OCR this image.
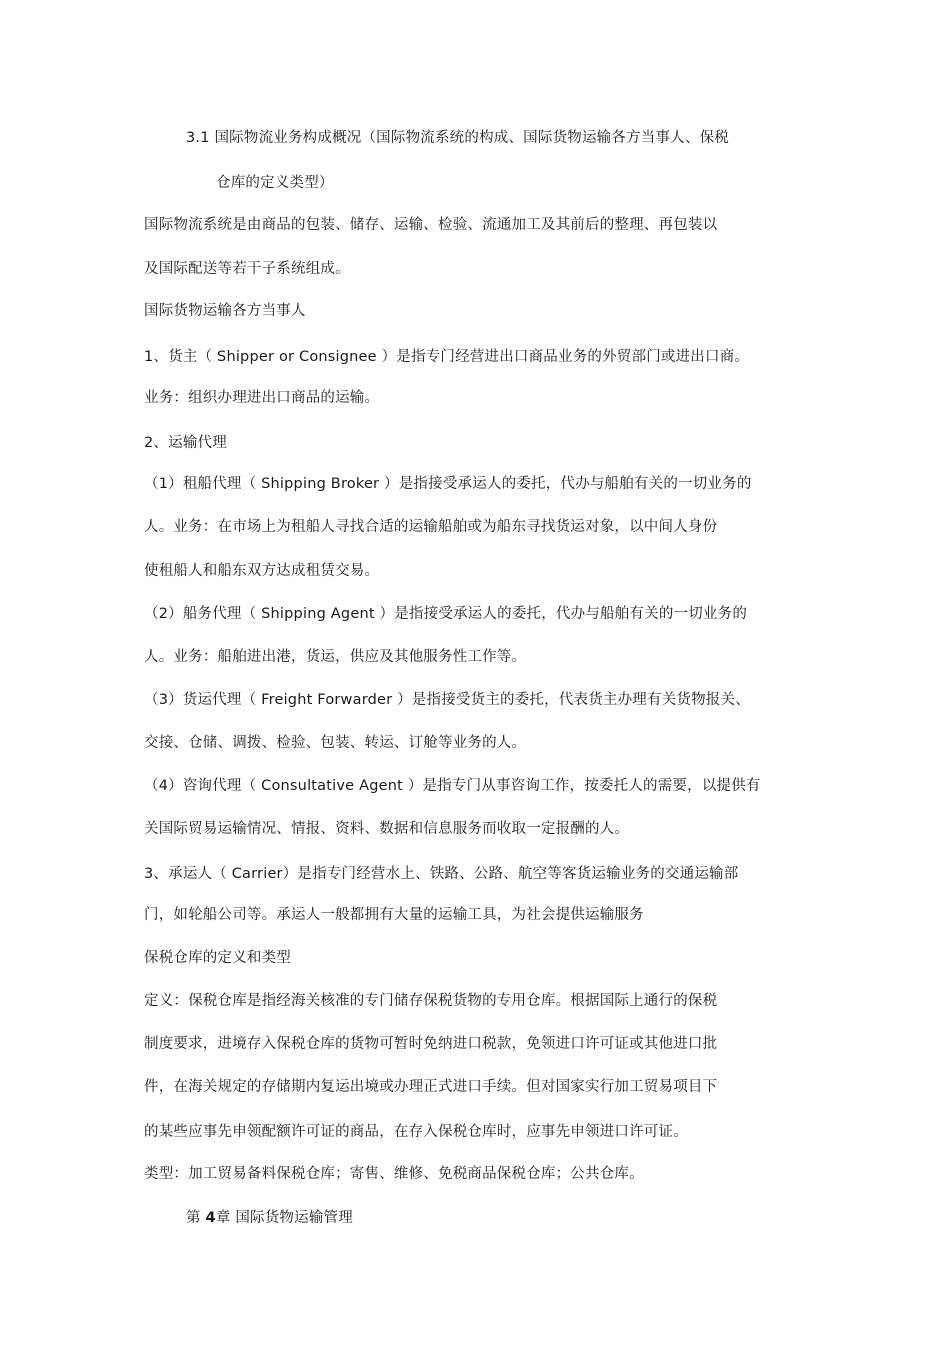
3.1 国际物流业务构成概况（国际物流系统的构成、国际货物运输各方当事人、保税
仓库的定义类型）
国际物流系统是由商品的包装、储存、运输、检验、流通加工及其前后的整理、再包装以
及国际配送等若干子系统组成。
国际货物运输各方当事人
1、货主（ Shipper or Consignee ）是指专门经营进出口商品业务的外贸部门或进出口商。
业务：组织办理进出口商品的运输。
2、运输代理
（1）租船代理（ Shipping Broker ）是指接受承运人的委托，代办与船舶有关的一切业务的
人。业务：在市场上为租船人寻找合适的运输船舶或为船东寻找货运对象，以中间人身份
使租船人和船东双方达成租赁交易。
（2）船务代理（ Shipping Agent ）是指接受承运人的委托，代办与船舶有关的一切业务的
人。业务：船舶进出港，货运，供应及其他服务性工作等。
（3）货运代理（ Freight Forwarder ）是指接受货主的委托，代表货主办理有关货物报关、
交接、仓储、调拨、检验、包装、转运、订舱等业务的人。
（4）咨询代理（ Consultative Agent ）是指专门从事咨询工作，按委托人的需要，以提供有
关国际贸易运输情况、情报、资料、数据和信息服务而收取一定报酬的人。
3、承运人（ Carrier）是指专门经营水上、铁路、公路、航空等客货运输业务的交通运输部
门，如轮船公司等。承运人一般都拥有大量的运输工具，为社会提供运输服务
保税仓库的定义和类型
定义：保税仓库是指经海关核准的专门储存保税货物的专用仓库。根据国际上通行的保税
制度要求，进境存入保税仓库的货物可暂时免纳进口税款，免领进口许可证或其他进口批
件，在海关规定的存储期内复运出境或办理正式进口手续。但对国家实行加工贸易项目下
的某些应事先申领配额许可证的商品，在存入保税仓库时，应事先申领进口许可证。
类型：加工贸易备料保税仓库；寄售、维修、免税商品保税仓库；公共仓库。
第 4章 国际货物运输管理
